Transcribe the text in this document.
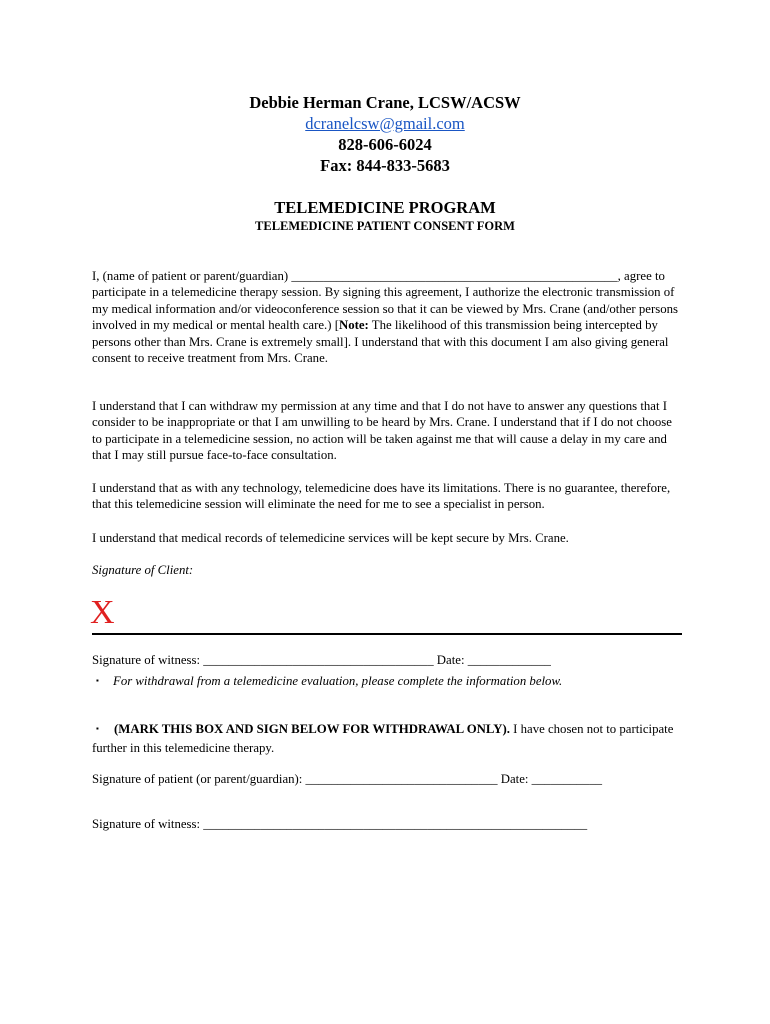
Debbie Herman Crane, LCSW/ACSW

dcranelcsw@gmail.com

828-606-6024

Fax: 844-833-5683

TELEMEDICINE PROGRAM
TELEMEDICINE PATIENT CONSENT FORM

I, (name of patient or parent/guardian) ___________________________________________________, agree to participate in a telemedicine therapy session. By signing this agreement, I authorize the electronic transmission of my medical information and/or videoconference session so that it can be viewed by Mrs. Crane (and/other persons involved in my medical or mental health care.) [Note: The likelihood of this transmission being intercepted by persons other than Mrs. Crane is extremely small]. I understand that with this document I am also giving general consent to receive treatment from Mrs. Crane.

I understand that I can withdraw my permission at any time and that I do not have to answer any questions that I consider to be inappropriate or that I am unwilling to be heard by Mrs. Crane. I understand that if I do not choose to participate in a telemedicine session, no action will be taken against me that will cause a delay in my care and that I may still pursue face-to-face consultation.

I understand that as with any technology, telemedicine does have its limitations. There is no guarantee, therefore, that this telemedicine session will eliminate the need for me to see a specialist in person.

I understand that medical records of telemedicine services will be kept secure by Mrs. Crane.

Signature of Client:
X
Signature of witness: ____________________________________ Date: _____________
▪ For withdrawal from a telemedicine evaluation, please complete the information below.
▪ (MARK THIS BOX AND SIGN BELOW FOR WITHDRAWAL ONLY). I have chosen not to participate further in this telemedicine therapy.
Signature of patient (or parent/guardian): ______________________________ Date: ___________
Signature of witness: ____________________________________________________________
